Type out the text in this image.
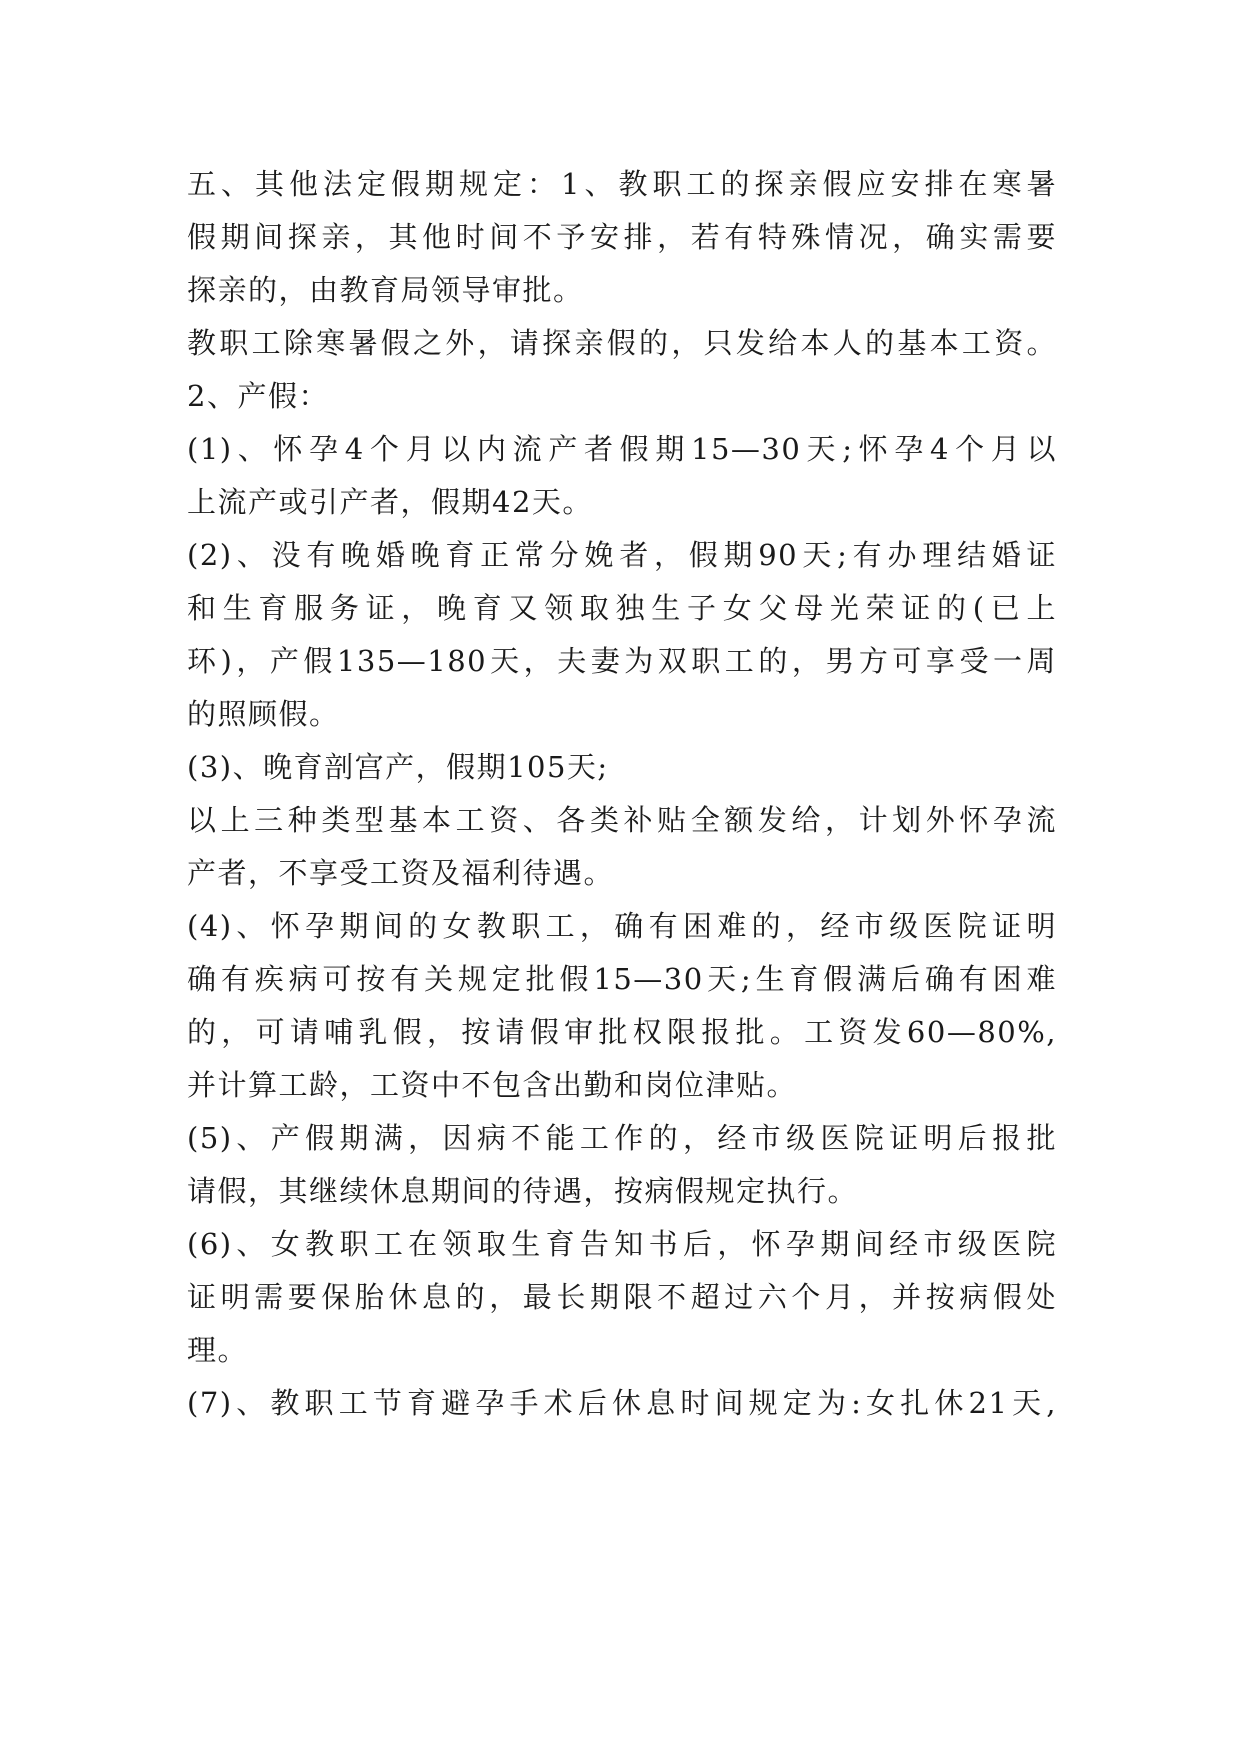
五、其他法定假期规定：1、教职工的探亲假应安排在寒暑
假期间探亲，其他时间不予安排，若有特殊情况，确实需要
探亲的，由教育局领导审批。
教职工除寒暑假之外，请探亲假的，只发给本人的基本工资。
2、产假：
(1)、怀孕4个月以内流产者假期15—30天;怀孕4个月以
上流产或引产者，假期42天。
(2)、没有晚婚晚育正常分娩者，假期90天;有办理结婚证
和生育服务证，晚育又领取独生子女父母光荣证的(已上
环)，产假135—180天，夫妻为双职工的，男方可享受一周
的照顾假。
(3)、晚育剖宫产，假期105天;
以上三种类型基本工资、各类补贴全额发给，计划外怀孕流
产者，不享受工资及福利待遇。
(4)、怀孕期间的女教职工，确有困难的，经市级医院证明
确有疾病可按有关规定批假15—30天;生育假满后确有困难
的，可请哺乳假，按请假审批权限报批。工资发60—80%,
并计算工龄，工资中不包含出勤和岗位津贴。
(5)、产假期满，因病不能工作的，经市级医院证明后报批
请假，其继续休息期间的待遇，按病假规定执行。
(6)、女教职工在领取生育告知书后，怀孕期间经市级医院
证明需要保胎休息的，最长期限不超过六个月，并按病假处
理。
(7)、教职工节育避孕手术后休息时间规定为:女扎休21天,
